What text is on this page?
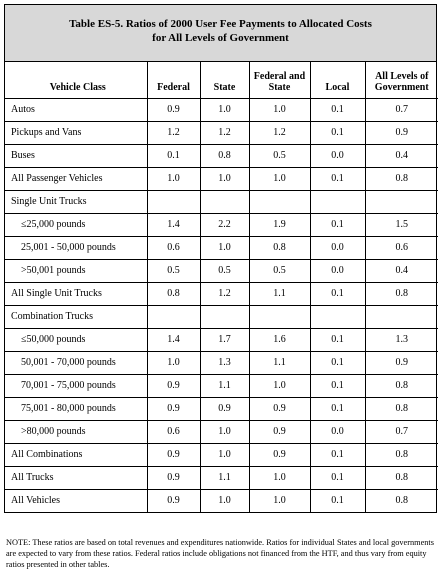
Table ES-5. Ratios of 2000 User Fee Payments to Allocated Costs
for All Levels of Government
Vehicle Class	Federal	State	Federal and State	Local	All Levels of Government
Autos	0.9	1.0	1.0	0.1	0.7
Pickups and Vans	1.2	1.2	1.2	0.1	0.9
Buses	0.1	0.8	0.5	0.0	0.4
All Passenger Vehicles	1.0	1.0	1.0	0.1	0.8
Single Unit Trucks					
≤25,000 pounds	1.4	2.2	1.9	0.1	1.5
25,001 - 50,000 pounds	0.6	1.0	0.8	0.0	0.6
>50,001 pounds	0.5	0.5	0.5	0.0	0.4
All Single Unit Trucks	0.8	1.2	1.1	0.1	0.8
Combination Trucks					
≤50,000 pounds	1.4	1.7	1.6	0.1	1.3
50,001 - 70,000 pounds	1.0	1.3	1.1	0.1	0.9
70,001 - 75,000 pounds	0.9	1.1	1.0	0.1	0.8
75,001 - 80,000 pounds	0.9	0.9	0.9	0.1	0.8
>80,000 pounds	0.6	1.0	0.9	0.0	0.7
All Combinations	0.9	1.0	0.9	0.1	0.8
All Trucks	0.9	1.1	1.0	0.1	0.8
All Vehicles	0.9	1.0	1.0	0.1	0.8
NOTE: These ratios are based on total revenues and expenditures nationwide. Ratios for individual States and local governments are expected to vary from these ratios. Federal ratios include obligations not financed from the HTF, and thus vary from equity ratios presented in other tables.
